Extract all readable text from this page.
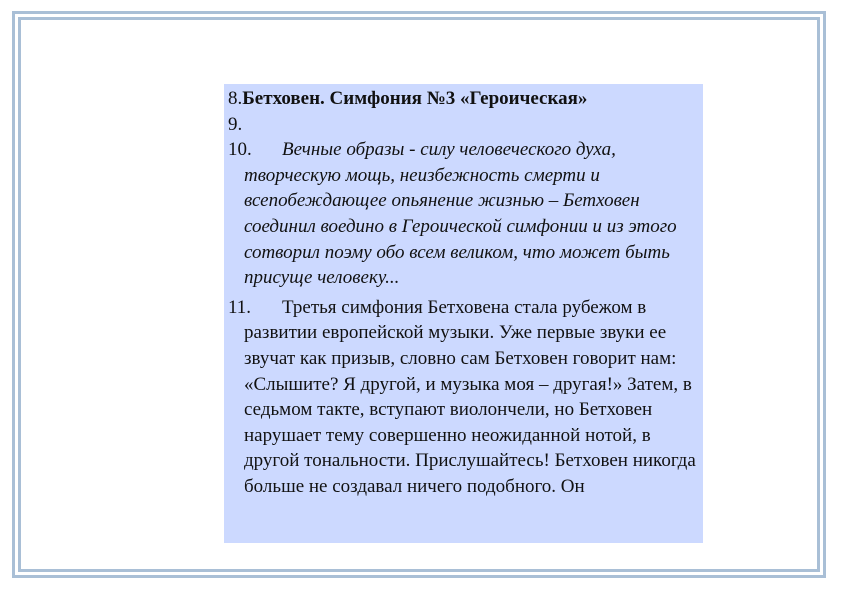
8.Бетховен. Симфония №3 «Героическая»
9.
10.	Вечные образы - силу человеческого духа, творческую мощь, неизбежность смерти и всепобеждающее опьянение жизнью – Бетховен соединил воедино в Героической симфонии и из этого сотворил поэму обо всем великом, что может быть присуще человеку...
11.	Третья симфония Бетховена стала рубежом в развитии европейской музыки. Уже первые звуки ее звучат как призыв, словно сам Бетховен говорит нам: «Слышите? Я другой, и музыка моя – другая!» Затем, в седьмом такте, вступают виолончели, но Бетховен нарушает тему совершенно неожиданной нотой, в другой тональности. Прислушайтесь! Бетховен никогда больше не создавал ничего подобного. Он
